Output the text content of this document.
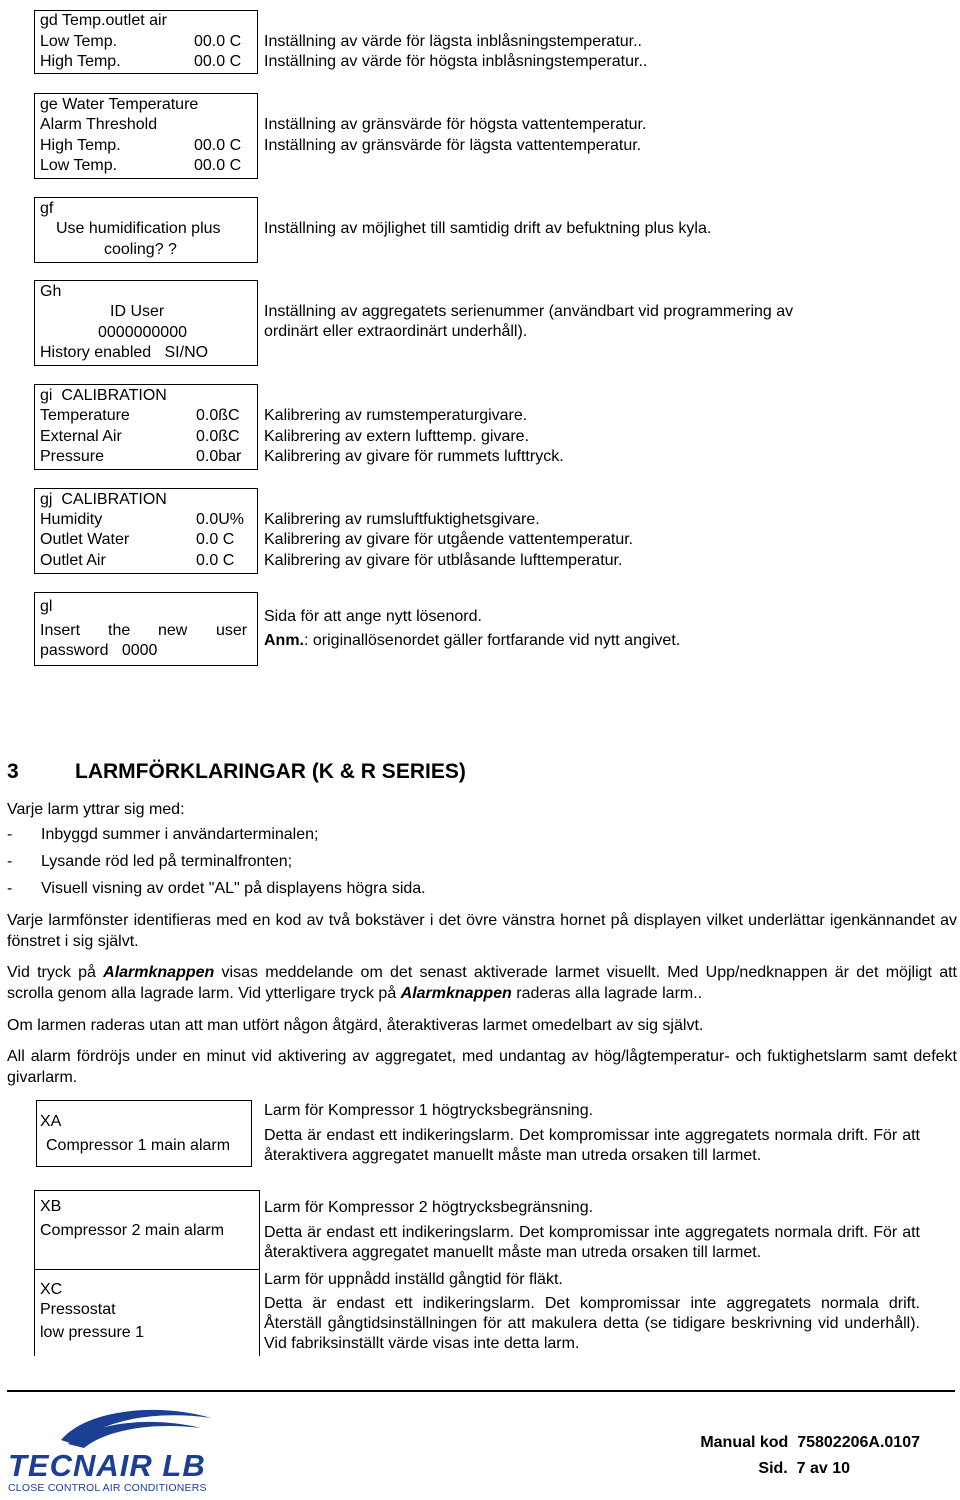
gd Temp.outlet air
Low Temp.	00.0 C
High Temp.	00.0 C
Inställning av värde för lägsta inblåsningstemperatur..
Inställning av värde för högsta inblåsningstemperatur..
ge Water Temperature
Alarm Threshold
High Temp.	00.0 C
Low Temp.	00.0 C
Inställning av gränsvärde för högsta vattentemperatur.
Inställning av gränsvärde för lägsta vattentemperatur.
gf
Use humidification plus
cooling? ?
Inställning av möjlighet till samtidig drift av befuktning plus kyla.
Gh
ID User
0000000000
History enabled   SI/NO
Inställning av aggregatets serienummer (användbart vid programmering av
ordinärt eller extraordinärt underhåll).
gi  CALIBRATION
Temperature	0.0ßC
External Air	0.0ßC
Pressure	0.0bar
Kalibrering av rumstemperaturgivare.
Kalibrering av extern lufttemp. givare.
Kalibrering av givare för rummets lufttryck.
gj  CALIBRATION
Humidity	0.0U%
Outlet Water	0.0 C
Outlet Air	0.0 C
Kalibrering av rumsluftfuktighetsgivare.
Kalibrering av givare för utgående vattentemperatur.
Kalibrering av givare för utblåsande lufttemperatur.
gl
Insert the new user
password   0000
Sida för att ange nytt lösenord.
Anm.: originallösenordet gäller fortfarande vid nytt angivet.
3	LARMFÖRKLARINGAR (K & R SERIES)
Varje larm yttrar sig med:
- Inbyggd summer i användarterminalen;
- Lysande röd led på terminalfronten;
- Visuell visning av ordet "AL" på displayens högra sida.
Varje larmfönster identifieras med en kod av två bokstäver i det övre vänstra hornet på displayen vilket underlättar igenkännandet av fönstret i sig självt.
Vid tryck på Alarmknappen visas meddelande om det senast aktiverade larmet visuellt. Med Upp/nedknappen är det möjligt att scrolla genom alla lagrade larm. Vid ytterligare tryck på Alarmknappen raderas alla lagrade larm..
Om larmen raderas utan att man utfört någon åtgärd, återaktiveras larmet omedelbart av sig självt.
All alarm fördröjs under en minut vid aktivering av aggregatet, med undantag av hög/lågtemperatur- och fuktighetslarm samt defekt givarlarm.
XA
Compressor 1 main alarm
Larm för Kompressor 1 högtrycksbegränsning.
Detta är endast ett indikeringslarm. Det kompromissar inte aggregatets normala drift. För att återaktivera aggregatet manuellt måste man utreda orsaken till larmet.
XB
Compressor 2 main alarm
Larm för Kompressor 2 högtrycksbegränsning.
Detta är endast ett indikeringslarm. Det kompromissar inte aggregatets normala drift. För att återaktivera aggregatet manuellt måste man utreda orsaken till larmet.
XC
Pressostat
low pressure 1
Larm för uppnådd inställd gångtid för fläkt.
Detta är endast ett indikeringslarm. Det kompromissar inte aggregatets normala drift. Återställ gångtidsinställningen för att makulera detta (se tidigare beskrivning vid underhåll). Vid fabriksinställt värde visas inte detta larm.
TECNAIR LB
CLOSE CONTROL AIR CONDITIONERS
Manual kod  75802206A.0107
Sid.  7 av 10
